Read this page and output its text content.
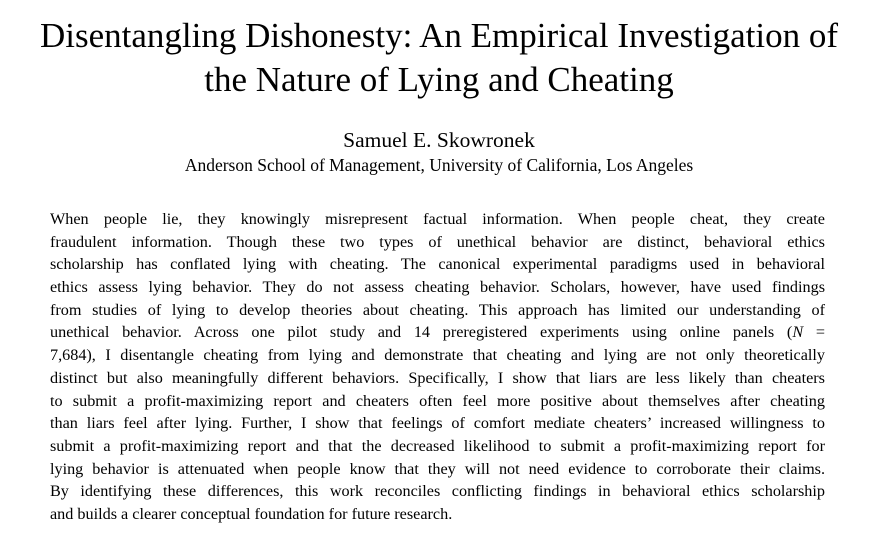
Disentangling Dishonesty: An Empirical Investigation of
the Nature of Lying and Cheating
Samuel E. Skowronek
Anderson School of Management, University of California, Los Angeles
When people lie, they knowingly misrepresent factual information. When people cheat, they create
fraudulent information. Though these two types of unethical behavior are distinct, behavioral ethics
scholarship has conflated lying with cheating. The canonical experimental paradigms used in behavioral
ethics assess lying behavior. They do not assess cheating behavior. Scholars, however, have used findings
from studies of lying to develop theories about cheating. This approach has limited our understanding of
unethical behavior. Across one pilot study and 14 preregistered experiments using online panels (N =
7,684), I disentangle cheating from lying and demonstrate that cheating and lying are not only theoretically
distinct but also meaningfully different behaviors. Specifically, I show that liars are less likely than cheaters
to submit a profit-maximizing report and cheaters often feel more positive about themselves after cheating
than liars feel after lying. Further, I show that feelings of comfort mediate cheaters’ increased willingness to
submit a profit-maximizing report and that the decreased likelihood to submit a profit-maximizing report for
lying behavior is attenuated when people know that they will not need evidence to corroborate their claims.
By identifying these differences, this work reconciles conflicting findings in behavioral ethics scholarship
and builds a clearer conceptual foundation for future research.
